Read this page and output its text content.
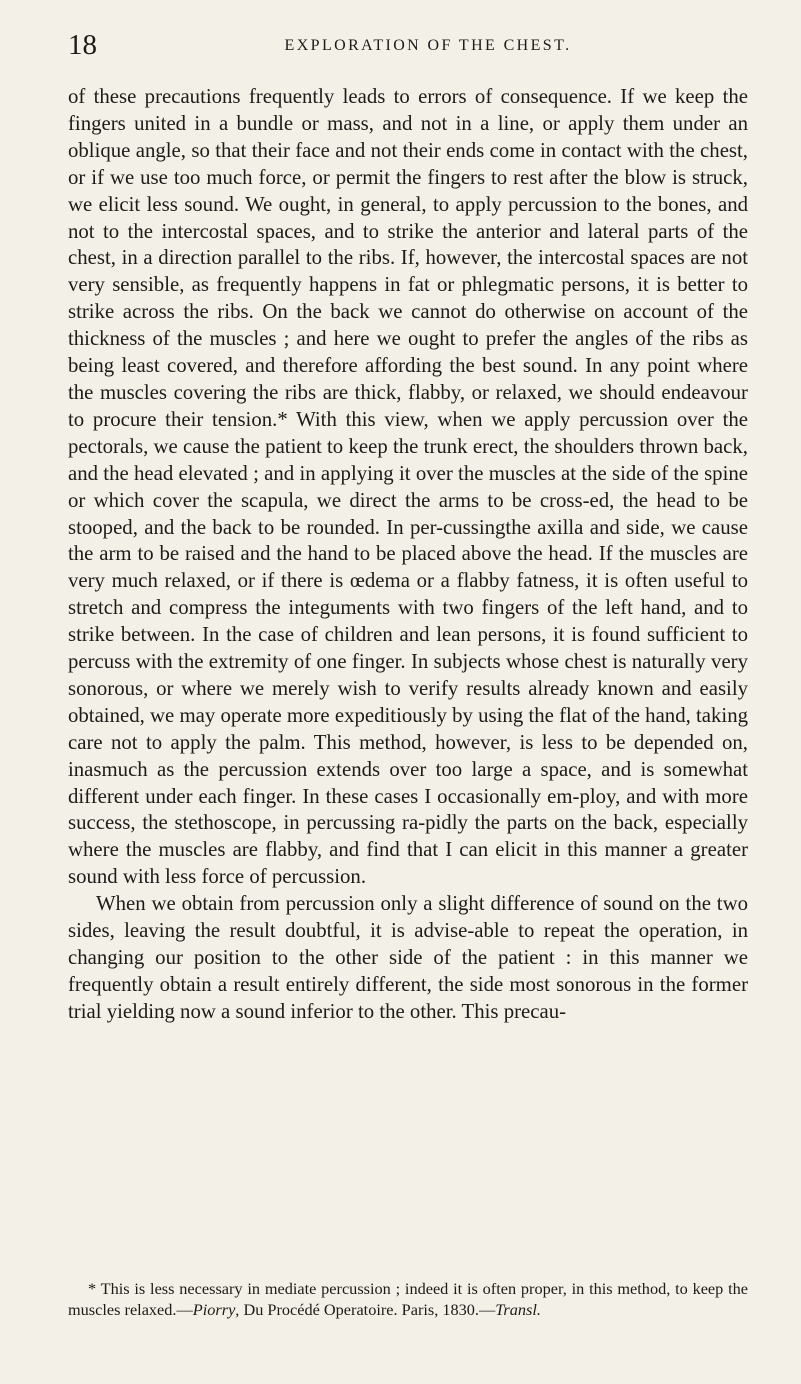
18	EXPLORATION OF THE CHEST.

of these precautions frequently leads to errors of consequence. If we keep the fingers united in a bundle or mass, and not in a line, or apply them under an oblique angle, so that their face and not their ends come in contact with the chest, or if we use too much force, or permit the fingers to rest after the blow is struck, we elicit less sound. We ought, in general, to apply percussion to the bones, and not to the intercostal spaces, and to strike the anterior and lateral parts of the chest, in a direction parallel to the ribs. If, however, the intercostal spaces are not very sensible, as frequently happens in fat or phlegmatic persons, it is better to strike across the ribs. On the back we cannot do otherwise on account of the thickness of the muscles ; and here we ought to prefer the angles of the ribs as being least covered, and therefore affording the best sound. In any point where the muscles covering the ribs are thick, flabby, or relaxed, we should endeavour to procure their tension.* With this view, when we apply percussion over the pectorals, we cause the patient to keep the trunk erect, the shoulders thrown back, and the head elevated ; and in applying it over the muscles at the side of the spine or which cover the scapula, we direct the arms to be cross-ed, the head to be stooped, and the back to be rounded. In per-cussingthe axilla and side, we cause the arm to be raised and the hand to be placed above the head. If the muscles are very much relaxed, or if there is œdema or a flabby fatness, it is often useful to stretch and compress the integuments with two fingers of the left hand, and to strike between. In the case of children and lean persons, it is found sufficient to percuss with the extremity of one finger. In subjects whose chest is naturally very sonorous, or where we merely wish to verify results already known and easily obtained, we may operate more expeditiously by using the flat of the hand, taking care not to apply the palm. This method, however, is less to be depended on, inasmuch as the percussion extends over too large a space, and is somewhat different under each finger. In these cases I occasionally em-ploy, and with more success, the stethoscope, in percussing ra-pidly the parts on the back, especially where the muscles are flabby, and find that I can elicit in this manner a greater sound with less force of percussion.

When we obtain from percussion only a slight difference of sound on the two sides, leaving the result doubtful, it is advise-able to repeat the operation, in changing our position to the other side of the patient : in this manner we frequently obtain a result entirely different, the side most sonorous in the former trial yielding now a sound inferior to the other. This precau-

* This is less necessary in mediate percussion ; indeed it is often proper, in this method, to keep the muscles relaxed.—Piorry, Du Procédé Operatoire. Paris, 1830.—Transl.
